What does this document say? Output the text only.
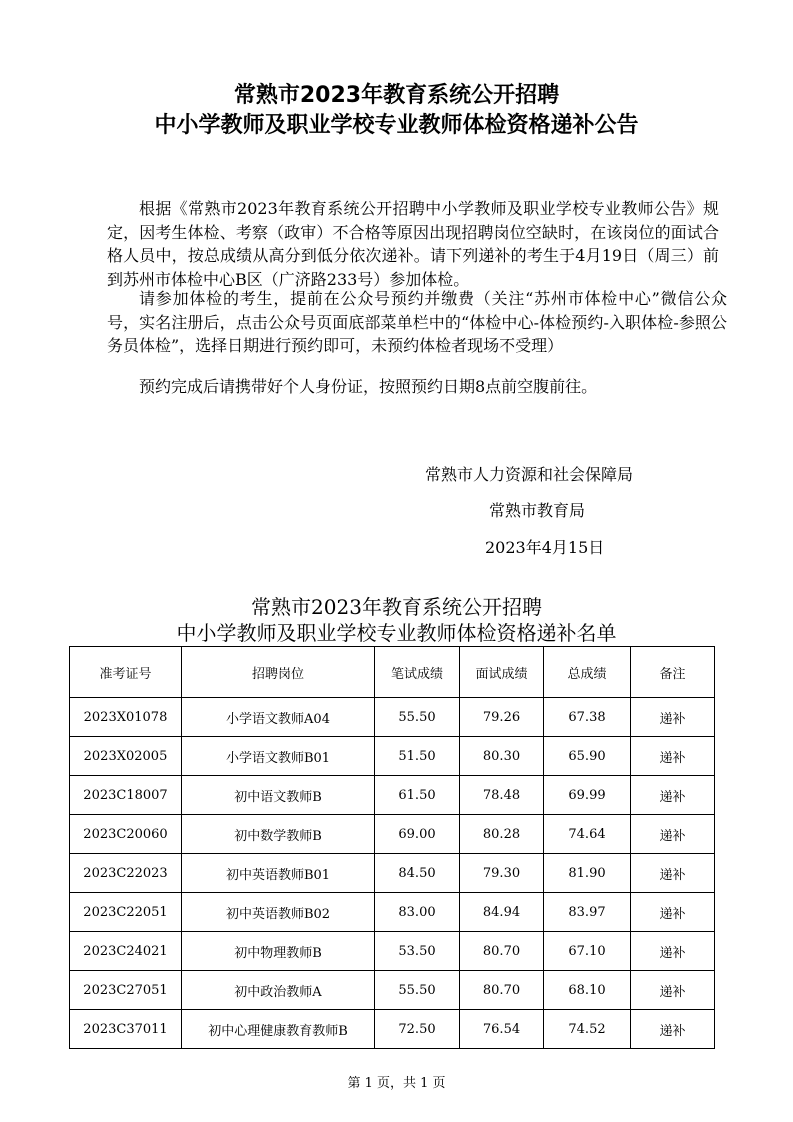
常熟市2023年教育系统公开招聘
中小学教师及职业学校专业教师体检资格递补公告
根据《常熟市2023年教育系统公开招聘中小学教师及职业学校专业教师公告》规定，因考生体检、考察（政审）不合格等原因出现招聘岗位空缺时，在该岗位的面试合格人员中，按总成绩从高分到低分依次递补。请下列递补的考生于4月19日（周三）前到苏州市体检中心B区（广济路233号）参加体检。
请参加体检的考生，提前在公众号预约并缴费（关注“苏州市体检中心”微信公众号，实名注册后，点击公众号页面底部菜单栏中的“体检中心-体检预约-入职体检-参照公务员体检”，选择日期进行预约即可，未预约体检者现场不受理）
预约完成后请携带好个人身份证，按照预约日期8点前空腹前往。
常熟市人力资源和社会保障局
常熟市教育局
2023年4月15日
常熟市2023年教育系统公开招聘
中小学教师及职业学校专业教师体检资格递补名单
准考证号	招聘岗位	笔试成绩	面试成绩	总成绩	备注
2023X01078	小学语文教师A04	55.50	79.26	67.38	递补
2023X02005	小学语文教师B01	51.50	80.30	65.90	递补
2023C18007	初中语文教师B	61.50	78.48	69.99	递补
2023C20060	初中数学教师B	69.00	80.28	74.64	递补
2023C22023	初中英语教师B01	84.50	79.30	81.90	递补
2023C22051	初中英语教师B02	83.00	84.94	83.97	递补
2023C24021	初中物理教师B	53.50	80.70	67.10	递补
2023C27051	初中政治教师A	55.50	80.70	68.10	递补
2023C37011	初中心理健康教育教师B	72.50	76.54	74.52	递补
第 1 页，共 1 页
